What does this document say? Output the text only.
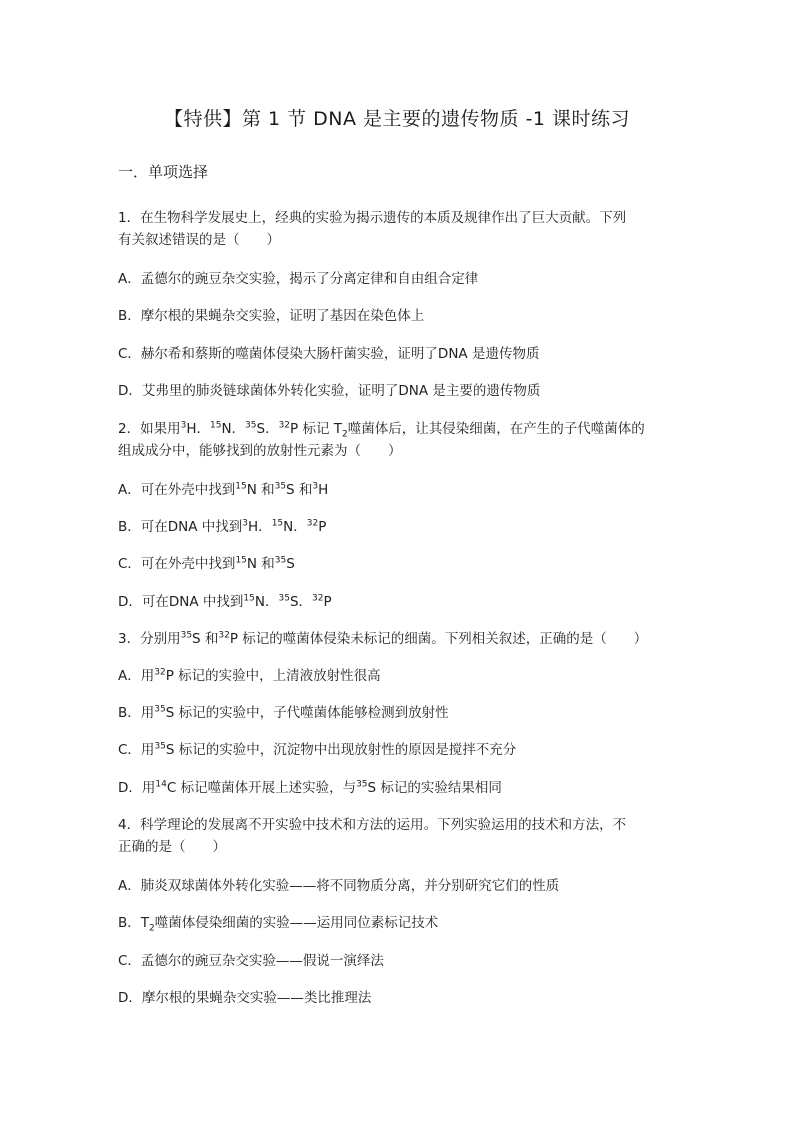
【特供】第 1 节 DNA 是主要的遗传物质 -1 课时练习
一．单项选择
1．在生物科学发展史上，经典的实验为揭示遗传的本质及规律作出了巨大贡献。下列
有关叙述错误的是（　　）
A．孟德尔的豌豆杂交实验，揭示了分离定律和自由组合定律
B．摩尔根的果蝇杂交实验，证明了基因在染色体上
C．赫尔希和蔡斯的噬菌体侵染大肠杆菌实验，证明了DNA 是遗传物质
D．艾弗里的肺炎链球菌体外转化实验，证明了DNA 是主要的遗传物质
2．如果用$^3$H．$^{15}$N．$^{35}$S．$^{32}$P 标记 $T_2$噬菌体后，让其侵染细菌，在产生的子代噬菌体的
组成成分中，能够找到的放射性元素为（　　）
A．可在外壳中找到$^{15}$N 和$^{35}$S 和$^3$H
B．可在DNA 中找到$^3$H．$^{15}$N．$^{32}$P
C．可在外壳中找到$^{15}$N 和$^{35}$S
D．可在DNA 中找到$^{15}$N．$^{35}$S．$^{32}$P
3．分别用$^{35}$S 和$^{32}$P 标记的噬菌体侵染未标记的细菌。下列相关叙述，正确的是（　　）
A．用$^{32}$P 标记的实验中，上清液放射性很高
B．用$^{35}$S 标记的实验中，子代噬菌体能够检测到放射性
C．用$^{35}$S 标记的实验中，沉淀物中出现放射性的原因是搅拌不充分
D．用$^{14}$C 标记噬菌体开展上述实验，与$^{35}$S 标记的实验结果相同
4．科学理论的发展离不开实验中技术和方法的运用。下列实验运用的技术和方法，不
正确的是（　　）
A．肺炎双球菌体外转化实验——将不同物质分离，并分别研究它们的性质
B．$T_2$噬菌体侵染细菌的实验——运用同位素标记技术
C．孟德尔的豌豆杂交实验——假说一演绎法
D．摩尔根的果蝇杂交实验——类比推理法
